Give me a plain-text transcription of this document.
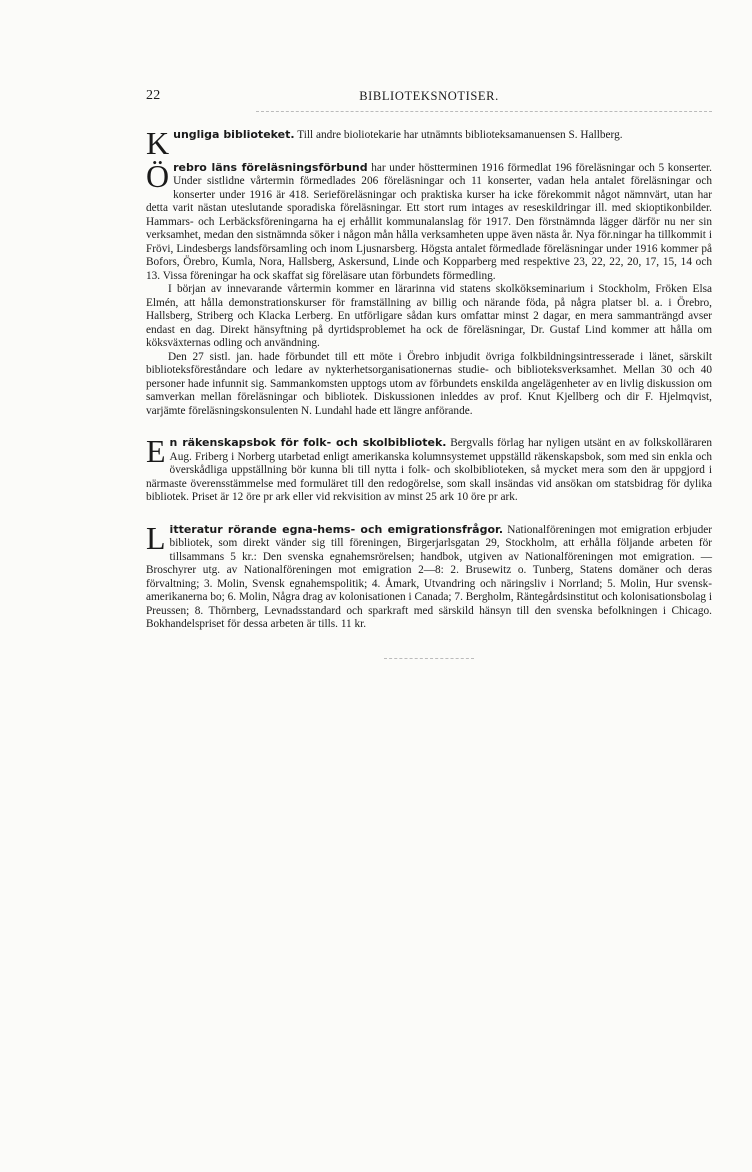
22	BIBLIOTEKSNOTISER.

Kungliga biblioteket. Till andre bioliotekarie har utnämnts biblioteksamanuensen S. Hallberg.

Örebro läns föreläsningsförbund har under höstterminen 1916 förmedlat 196 föreläsningar och 5 konserter. Under sistlidne vårtermin förmedlades 206 föreläsningar och 11 konserter, vadan hela antalet föreläsningar och konserter under 1916 är 418. Serieföreläsningar och praktiska kurser ha icke förekommit något nämnvärt, utan har detta varit nästan uteslutande sporadiska föreläsningar. Ett stort rum intages av reseskildringar ill. med skioptikonbilder. Hammars- och Lerbäcksföreningarna ha ej erhållit kommunalanslag för 1917. Den förstnämnda lägger därför nu ner sin verksamhet, medan den sistnämnda söker i någon mån hålla verksamheten uppe även nästa år. Nya för.ningar ha tillkommit i Frövi, Lindesbergs landsförsamling och inom Ljusnarsberg. Högsta antalet förmedlade föreläsningar under 1916 kommer på Bofors, Örebro, Kumla, Nora, Hallsberg, Askersund, Linde och Kopparberg med respektive 23, 22, 22, 20, 17, 15, 14 och 13. Vissa föreningar ha ock skaffat sig föreläsare utan förbundets förmedling.

I början av innevarande vårtermin kommer en lärarinna vid statens skolkökseminarium i Stockholm, Fröken Elsa Elmén, att hålla demonstrationskurser för framställning av billig och närande föda, på några platser bl. a. i Örebro, Hallsberg, Striberg och Klacka Lerberg. En utförligare sådan kurs omfattar minst 2 dagar, en mera sammanträngd avser endast en dag. Direkt hänsyftning på dyrtidsproblemet ha ock de föreläsningar, Dr. Gustaf Lind kommer att hålla om köksväxternas odling och användning.

Den 27 sistl. jan. hade förbundet till ett möte i Örebro inbjudit övriga folkbildningsintresserade i länet, särskilt biblioteksföreståndare och ledare av nykterhetsorganisationernas studie- och biblioteksverksamhet. Mellan 30 och 40 personer hade infunnit sig. Sammankomsten upptogs utom av förbundets enskilda angelägenheter av en livlig diskussion om samverkan mellan föreläsningar och bibliotek. Diskussionen inleddes av prof. Knut Kjellberg och dir F. Hjelmqvist, varjämte föreläsningskonsulenten N. Lundahl hade ett längre anförande.

En räkenskapsbok för folk- och skolbibliotek. Bergvalls förlag har nyligen utsänt en av folkskolläraren Aug. Friberg i Norberg utarbetad enligt amerikanska kolumnsystemet uppställd räkenskapsbok, som med sin enkla och överskådliga uppställning bör kunna bli till nytta i folk- och skolbiblioteken, så mycket mera som den är uppgjord i närmaste överensstämmelse med formuläret till den redogörelse, som skall insändas vid ansökan om statsbidrag för dylika bibliotek. Priset är 12 öre pr ark eller vid rekvisition av minst 25 ark 10 öre pr ark.

Litteratur rörande egna-hems- och emigrationsfrågor. Nationalföreningen mot emigration erbjuder bibliotek, som direkt vänder sig till föreningen, Birgerjarlsgatan 29, Stockholm, att erhålla följande arbeten för tillsammans 5 kr.: Den svenska egnahemsrörelsen; handbok, utgiven av Nationalföreningen mot emigration. — Broschyrer utg. av Nationalföreningen mot emigration 2—8: 2. Brusewitz o. Tunberg, Statens domäner och deras förvaltning; 3. Molin, Svensk egnahemspolitik; 4. Åmark, Utvandring och näringsliv i Norrland; 5. Molin, Hur svensk-amerikanerna bo; 6. Molin, Några drag av kolonisationen i Canada; 7. Bergholm, Räntegårdsinstitut och kolonisationsbolag i Preussen; 8. Thörnberg, Levnadsstandard och sparkraft med särskild hänsyn till den svenska befolkningen i Chicago. Bokhandelspriset för dessa arbeten är tills. 11 kr.
